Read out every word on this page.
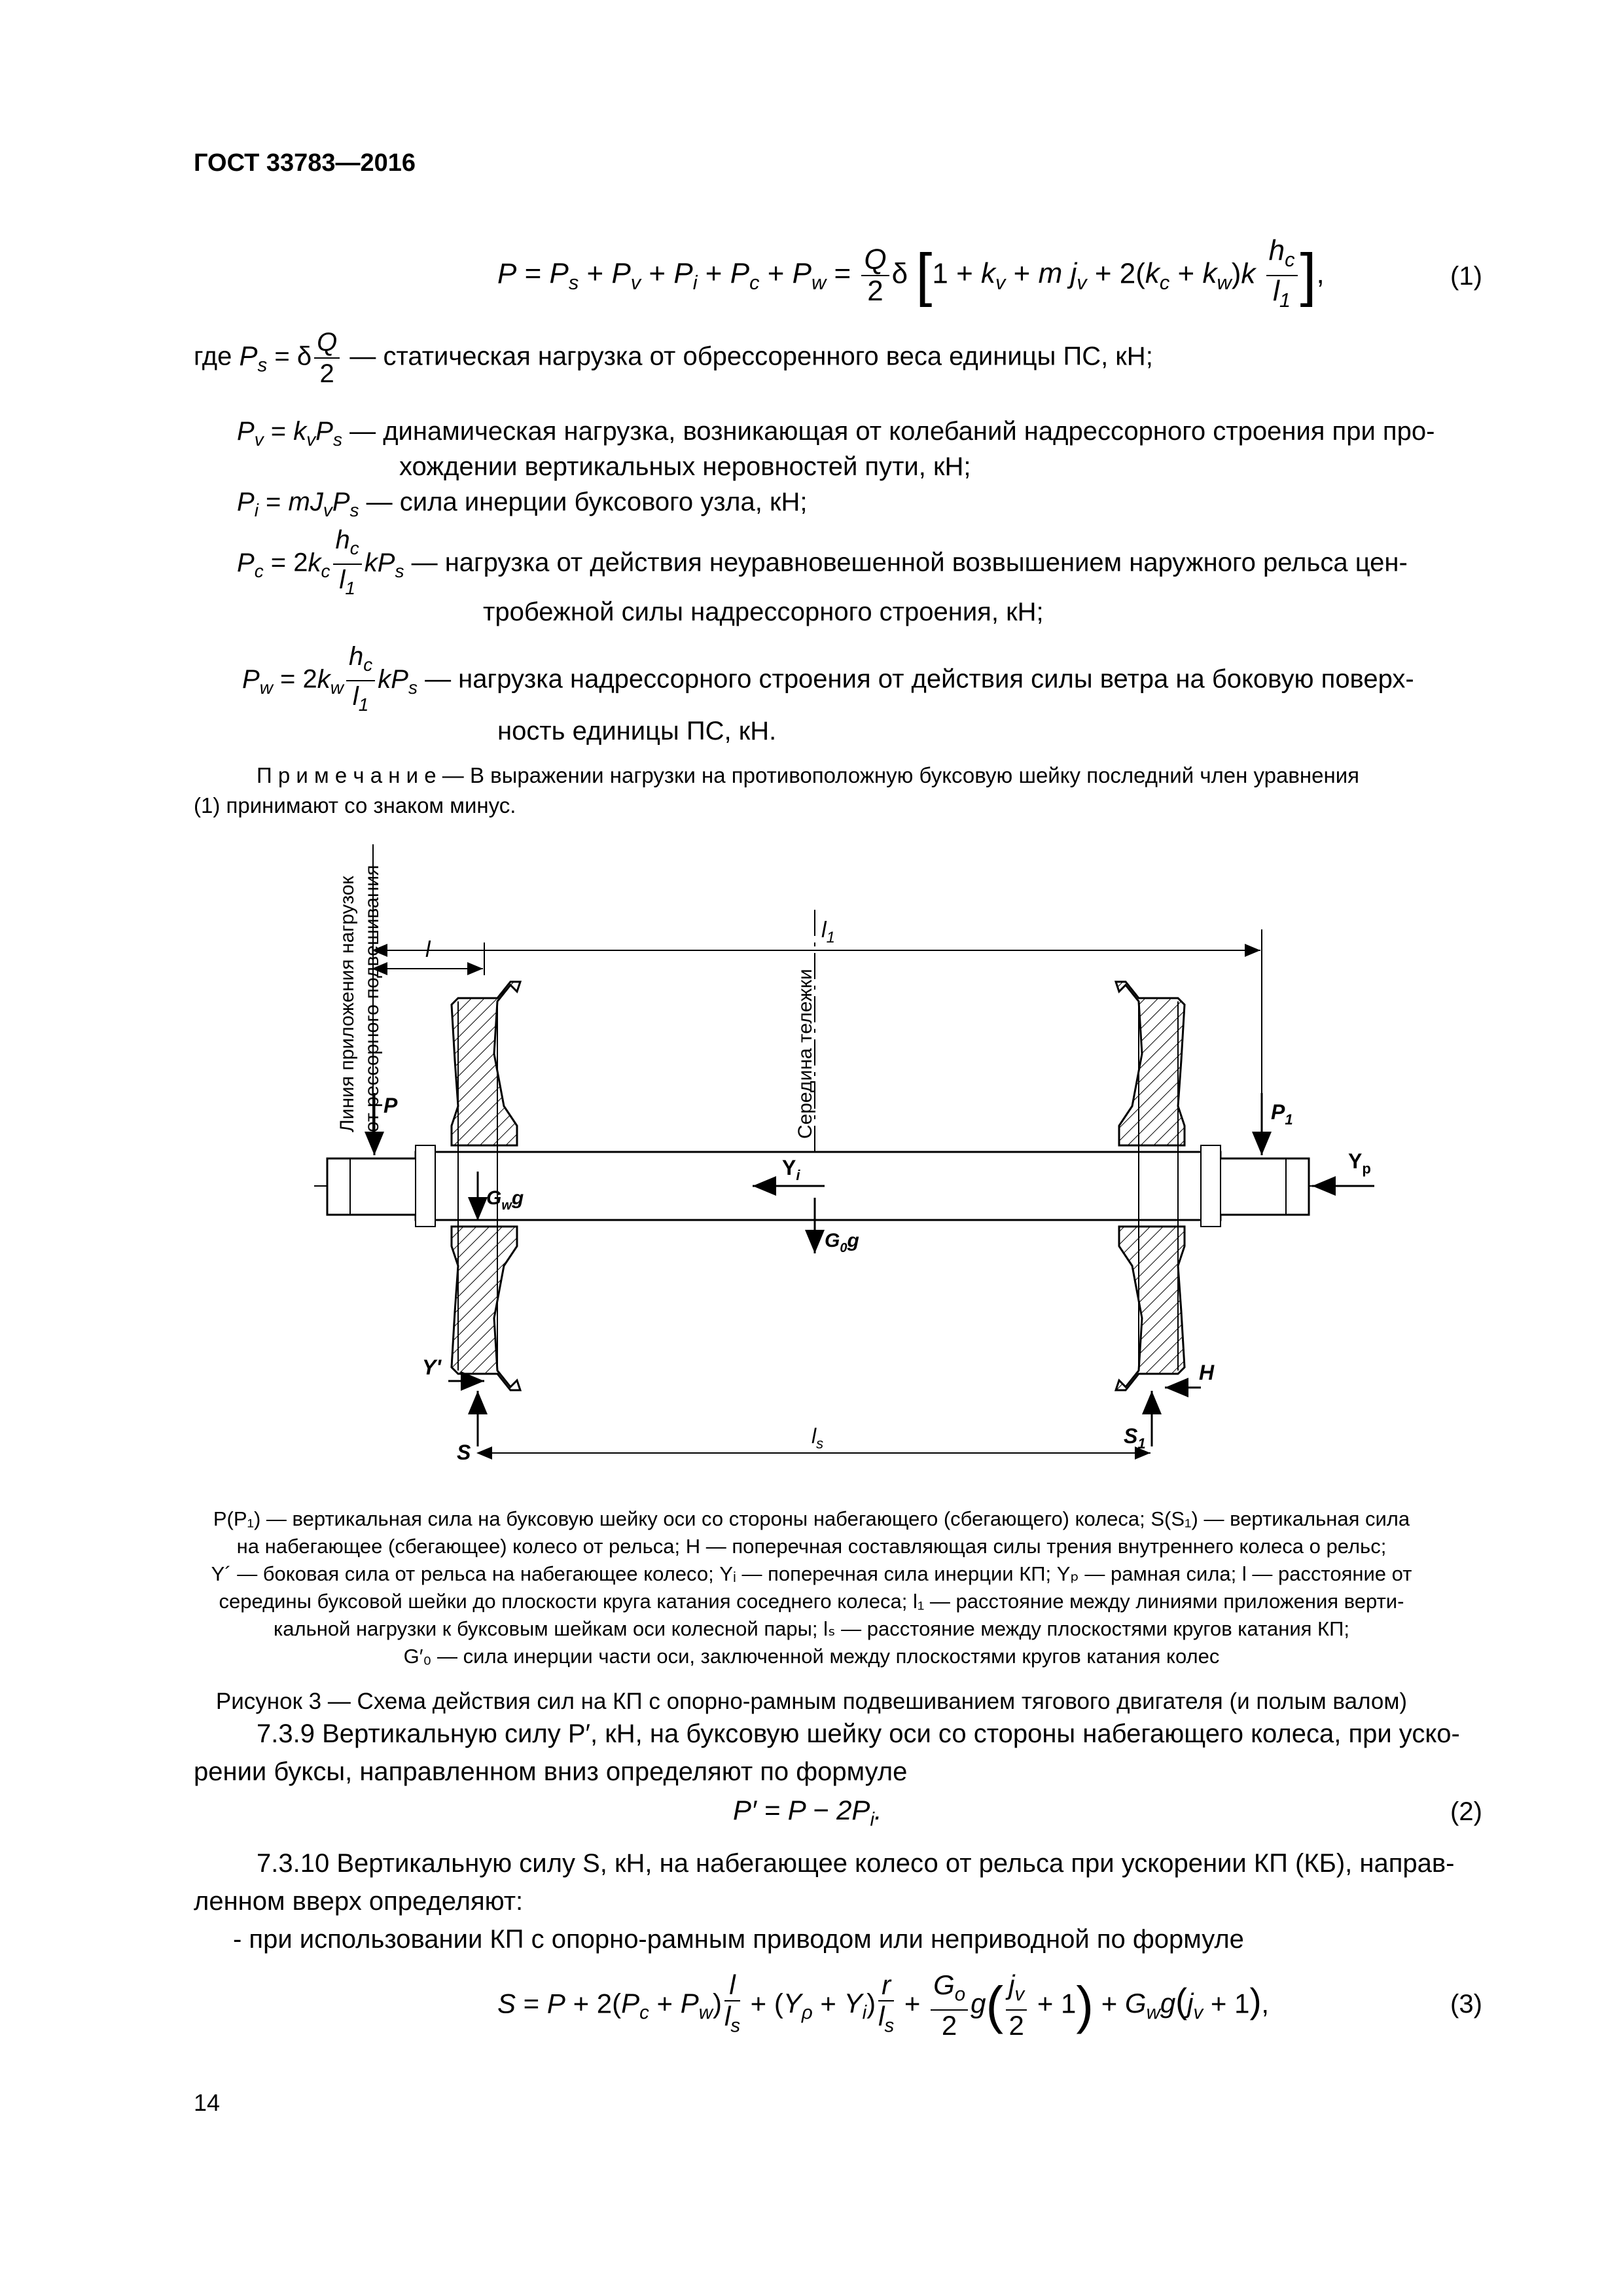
ГОСТ 33783—2016
$P = P_s + P_v + P_i + P_c + P_w = \frac{Q}{2}$ δ [$1 + k_v + m$ $j_v + 2(k_c + k_w)k \frac{h_c}{l_1}$ ],	(1)
где $P_s = \delta \frac{Q}{2}$ — статическая нагрузка от обрессоренного веса единицы ПС, кН;
$P_v = k_vP_s$ — динамическая нагрузка, возникающая от колебаний надрессорного строения при про-
хождении вертикальных неровностей пути, кН;
$P_i = mJ_vP_s$ — сила инерции буксового узла, кН;
$P_c = 2k_c \frac{h_c}{l_1} kP_s$ — нагрузка от действия неуравновешенной возвышением наружного рельса цен-
тробежной силы надрессорного строения, кН;
$P_w = 2k_w \frac{h_c}{l_1} kP_s$ — нагрузка надрессорного строения от действия силы ветра на боковую поверх-
ность единицы ПС, кН.
П р и м е ч а н и е — В выражении нагрузки на противоположную буксовую шейку последний член уравнения
(1) принимают со знаком минус.
Линия приложения нагрузок от рессорного подвешивания	Середина тележки
$l_1$
l
P	$P_1$
$Y_p$
$Y_i$
$G_wg$
$G_0g$
Y'	H
S
$S_1$
$l_s$
P(P₁) — вертикальная сила на буксовую шейку оси со стороны набегающего (сбегающего) колеса; S(S₁) — вертикальная сила
на набегающее (сбегающее) колесо от рельса; H — поперечная составляющая силы трения внутреннего колеса о рельс;
Y´ — боковая сила от рельса на набегающее колесо; Yᵢ — поперечная сила инерции КП; Yₚ — рамная сила; l — расстояние от
середины буксовой шейки до плоскости круга катания соседнего колеса; l₁ — расстояние между линиями приложения верти-
кальной нагрузки к буксовым шейкам оси колесной пары; lₛ — расстояние между плоскостями кругов катания КП;
G′₀ — сила инерции части оси, заключенной между плоскостями кругов катания колес
Рисунок 3 — Схема действия сил на КП с опорно-рамным подвешиванием тягового двигателя (и полым валом)
7.3.9 Вертикальную силу P′, кН, на буксовую шейку оси со стороны набегающего колеса, при уско-
рении буксы, направленном вниз определяют по формуле
$P' = P - 2P_i$.	(2)
7.3.10 Вертикальную силу S, кН, на набегающее колесо от рельса при ускорении КП (КБ), направ-
ленном вверх определяют:
- при использовании КП с опорно-рамным приводом или неприводной по формуле
$S = P + 2(P_c + P_w) \frac{l}{l_s} + (Y_\rho + Y_i) \frac{r}{l_s} + \frac{G_o}{2} g( \frac{j_v}{2} + 1) + G_wg(j_v + 1)$,	(3)
14
